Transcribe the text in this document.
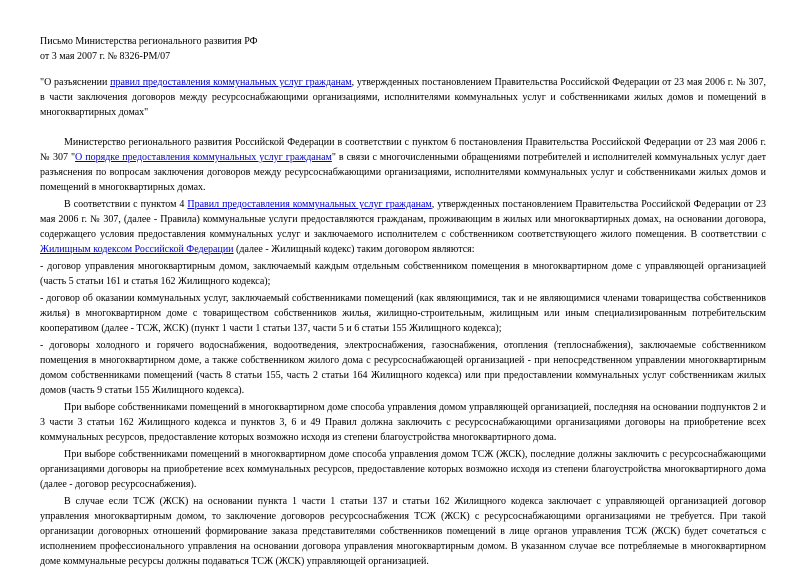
Письмо Министерства регионального развития РФ
от 3 мая 2007 г. № 8326-РМ/07

"О разъяснении правил предоставления коммунальных услуг гражданам, утвержденных постановлением Правительства Российской Федерации от 23 мая 2006 г. № 307, в части заключения договоров между ресурсоснабжающими организациями, исполнителями коммунальных услуг и собственниками жилых домов и помещений в многоквартирных домах"

Министерство регионального развития Российской Федерации в соответствии с пунктом 6 постановления Правительства Российской Федерации от 23 мая 2006 г. № 307 "О порядке предоставления коммунальных услуг гражданам" в связи с многочисленными обращениями потребителей и исполнителей коммунальных услуг дает разъяснения по вопросам заключения договоров между ресурсоснабжающими организациями, исполнителями коммунальных услуг и собственниками жилых домов и помещений в многоквартирных домах.

В соответствии с пунктом 4 Правил предоставления коммунальных услуг гражданам, утвержденных постановлением Правительства Российской Федерации от 23 мая 2006 г. № 307, (далее - Правила) коммунальные услуги предоставляются гражданам, проживающим в жилых или многоквартирных домах, на основании договора, содержащего условия предоставления коммунальных услуг и заключаемого исполнителем с собственником соответствующего жилого помещения. В соответствии с Жилищным кодексом Российской Федерации (далее - Жилищный кодекс) таким договором являются:

- договор управления многоквартирным домом, заключаемый каждым отдельным собственником помещения в многоквартирном доме с управляющей организацией (часть 5 статьи 161 и статья 162 Жилищного кодекса);

- договор об оказании коммунальных услуг, заключаемый собственниками помещений (как являющимися, так и не являющимися членами товарищества собственников жилья) в многоквартирном доме с товариществом собственников жилья, жилищно-строительным, жилищным или иным специализированным потребительским кооперативом (далее - ТСЖ, ЖСК) (пункт 1 части 1 статьи 137, части 5 и 6 статьи 155 Жилищного кодекса);

- договоры холодного и горячего водоснабжения, водоотведения, электроснабжения, газоснабжения, отопления (теплоснабжения), заключаемые собственником помещения в многоквартирном доме, а также собственником жилого дома с ресурсоснабжающей организацией - при непосредственном управлении многоквартирным домом собственниками помещений (часть 8 статьи 155, часть 2 статьи 164 Жилищного кодекса) или при предоставлении коммунальных услуг собственникам жилых домов (часть 9 статьи 155 Жилищного кодекса).

При выборе собственниками помещений в многоквартирном доме способа управления домом управляющей организацией, последняя на основании подпунктов 2 и 3 части 3 статьи 162 Жилищного кодекса и пунктов 3, 6 и 49 Правил должна заключить с ресурсоснабжающими организациями договоры на приобретение всех коммунальных ресурсов, предоставление которых возможно исходя из степени благоустройства многоквартирного дома.

При выборе собственниками помещений в многоквартирном доме способа управления домом ТСЖ (ЖСК), последние должны заключить с ресурсоснабжающими организациями договоры на приобретение всех коммунальных ресурсов, предоставление которых возможно исходя из степени благоустройства многоквартирного дома (далее - договор ресурсоснабжения).

В случае если ТСЖ (ЖСК) на основании пункта 1 части 1 статьи 137 и статьи 162 Жилищного кодекса заключает с управляющей организацией договор управления многоквартирным домом, то заключение договоров ресурсоснабжения ТСЖ (ЖСК) с ресурсоснабжающими организациями не требуется. При такой организации договорных отношений формирование заказа представителями собственников помещений в лице органов управления ТСЖ (ЖСК) будет сочетаться с исполнением профессионального управления на основании договора управления многоквартирным домом. В указанном случае все потребляемые в многоквартирном доме коммунальные ресурсы должны подаваться ТСЖ (ЖСК) управляющей организацией.
